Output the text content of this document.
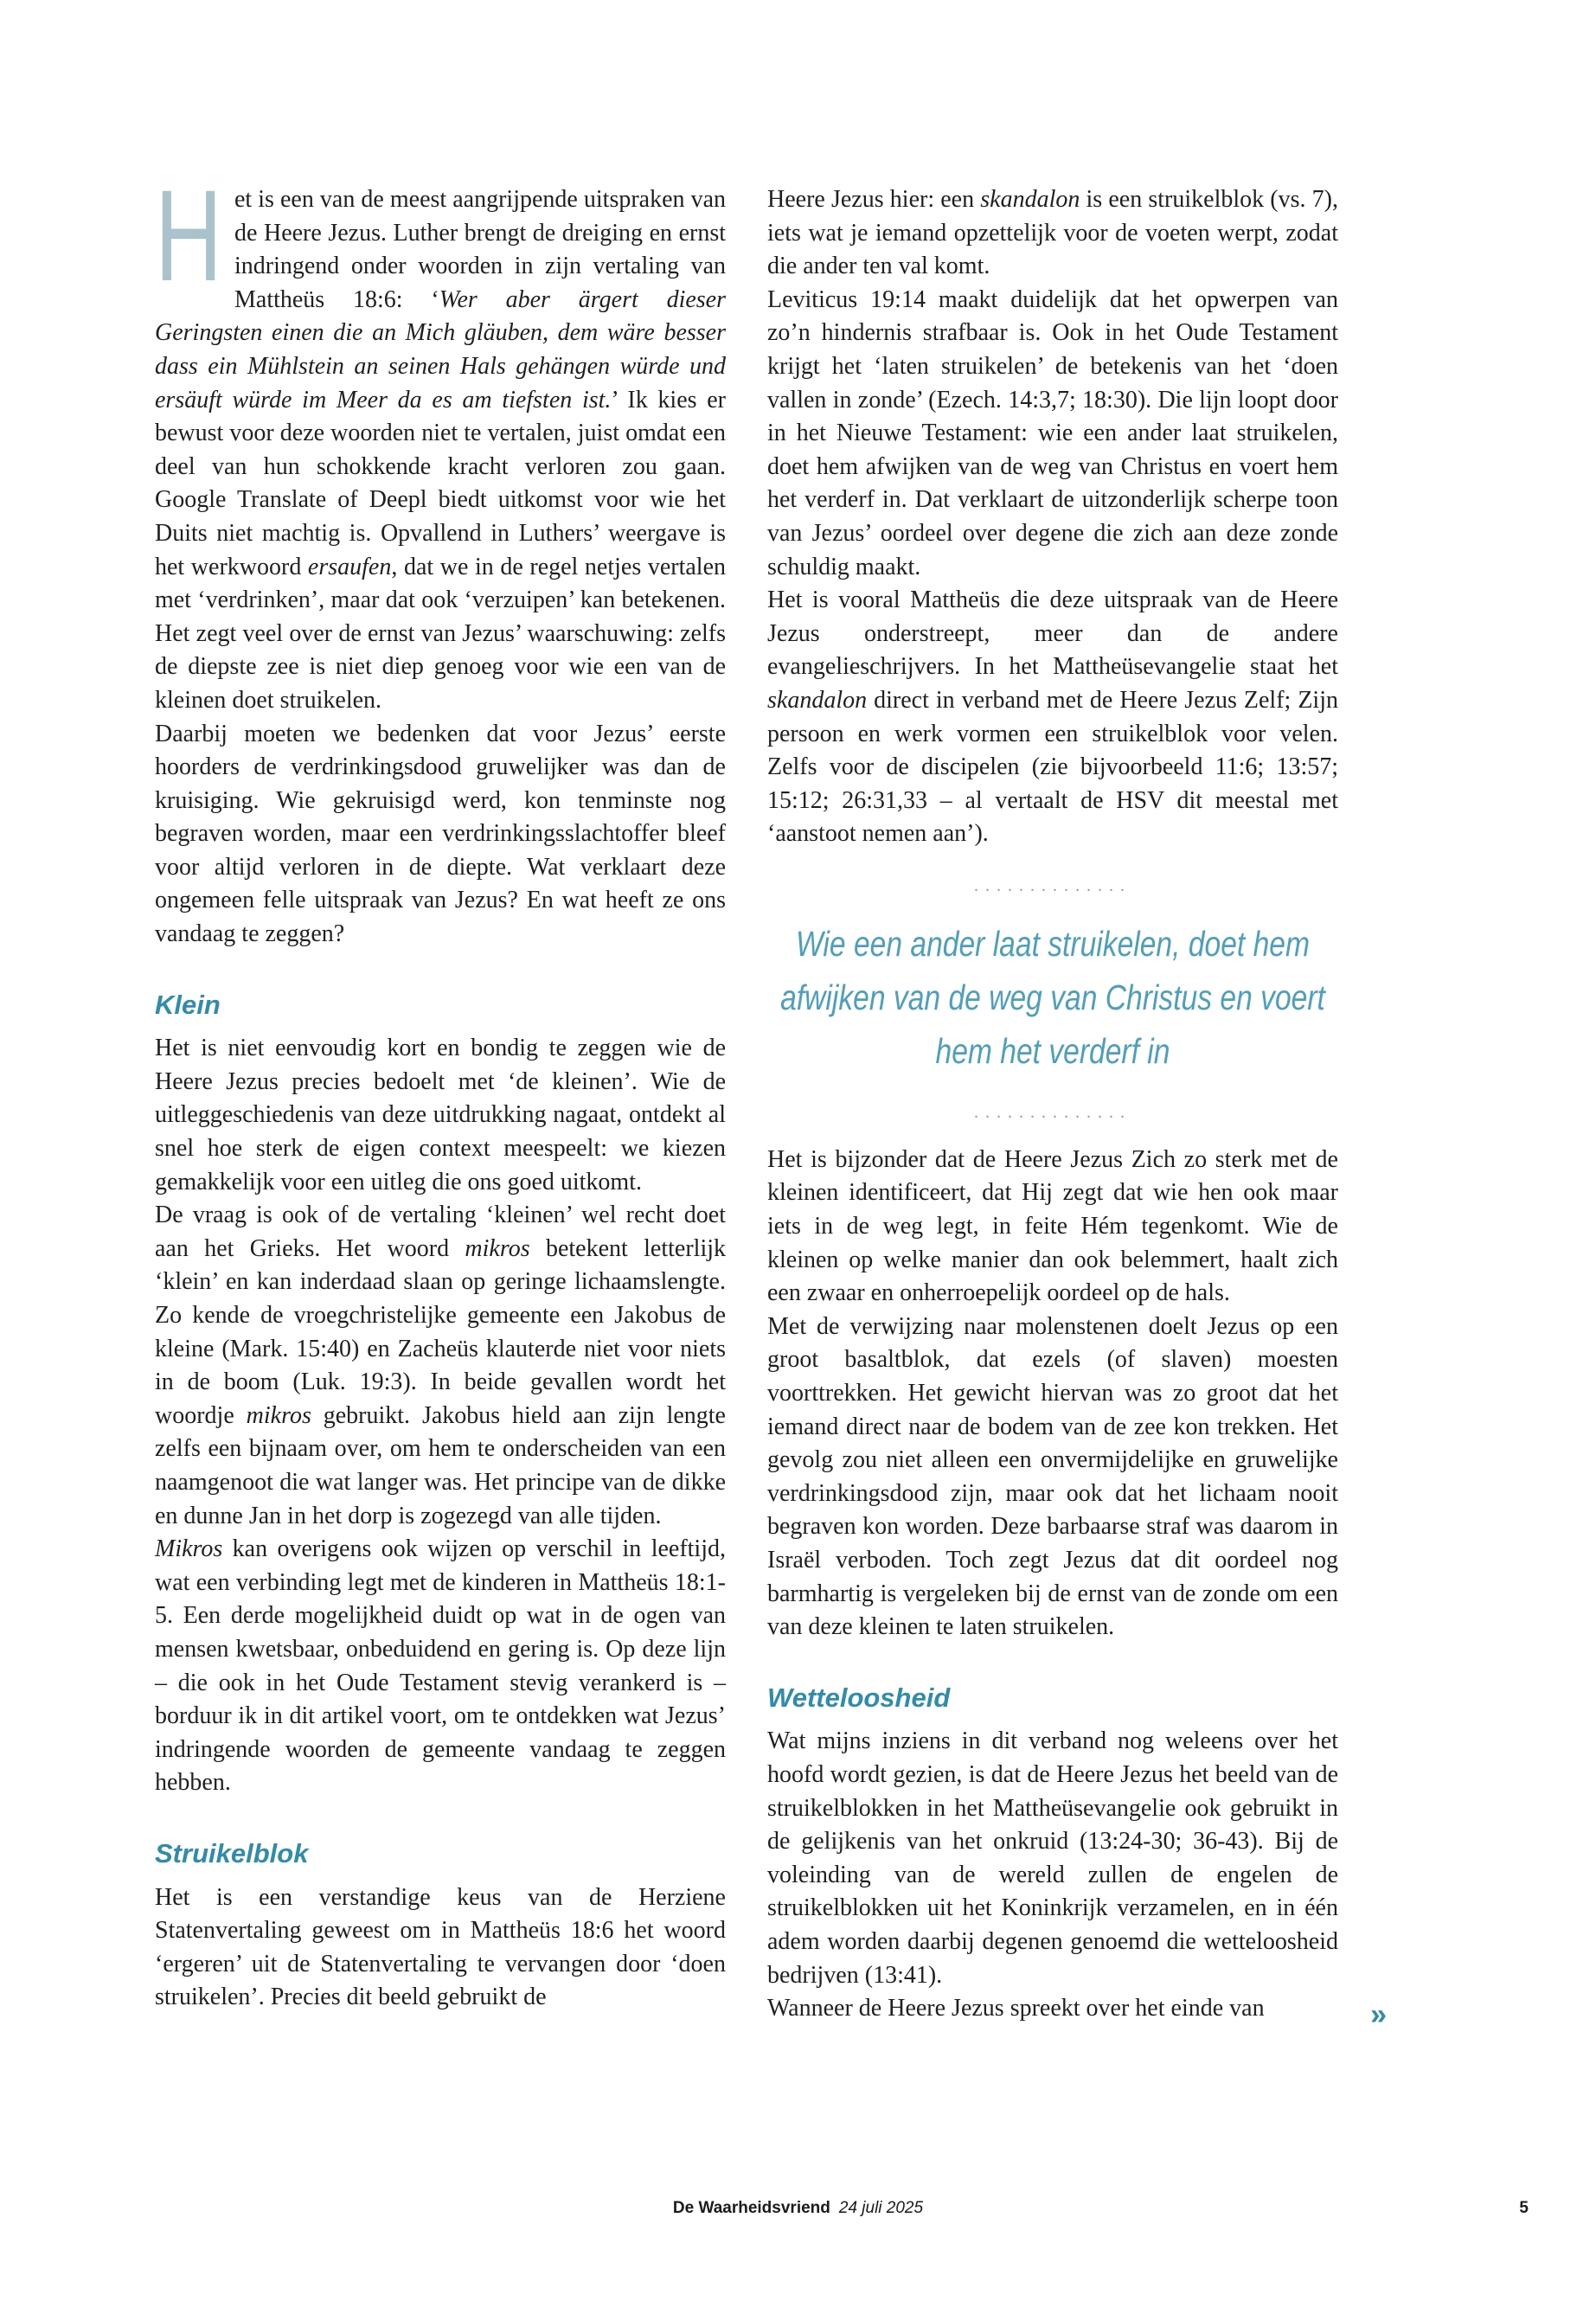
Het is een van de meest aangrijpende uitspraken van de Heere Jezus. Luther brengt de dreiging en ernst indringend onder woorden in zijn vertaling van Mattheüs 18:6: ‘Wer aber ärgert dieser Geringsten einen die an Mich gläuben, dem wäre besser dass ein Mühlstein an seinen Hals gehängen würde und ersäuft würde im Meer da es am tiefsten ist.’ Ik kies er bewust voor deze woorden niet te vertalen, juist omdat een deel van hun schokkende kracht verloren zou gaan. Google Translate of Deepl biedt uitkomst voor wie het Duits niet machtig is. Opvallend in Luthers’ weergave is het werkwoord ersaufen, dat we in de regel netjes vertalen met ‘verdrinken’, maar dat ook ‘verzuipen’ kan betekenen. Het zegt veel over de ernst van Jezus’ waarschuwing: zelfs de diepste zee is niet diep genoeg voor wie een van de kleinen doet struikelen.

Daarbij moeten we bedenken dat voor Jezus’ eerste hoorders de verdrinkingsdood gruwelijker was dan de kruisiging. Wie gekruisigd werd, kon tenminste nog begraven worden, maar een verdrinkingsslachtoffer bleef voor altijd verloren in de diepte. Wat verklaart deze ongemeen felle uitspraak van Jezus? En wat heeft ze ons vandaag te zeggen?

Klein

Het is niet eenvoudig kort en bondig te zeggen wie de Heere Jezus precies bedoelt met ‘de kleinen’. Wie de uitleggeschiedenis van deze uitdrukking nagaat, ontdekt al snel hoe sterk de eigen context meespeelt: we kiezen gemakkelijk voor een uitleg die ons goed uitkomt.

De vraag is ook of de vertaling ‘kleinen’ wel recht doet aan het Grieks. Het woord mikros betekent letterlijk ‘klein’ en kan inderdaad slaan op geringe lichaamslengte. Zo kende de vroegchristelijke gemeente een Jakobus de kleine (Mark. 15:40) en Zacheüs klauterde niet voor niets in de boom (Luk. 19:3). In beide gevallen wordt het woordje mikros gebruikt. Jakobus hield aan zijn lengte zelfs een bijnaam over, om hem te onderscheiden van een naamgenoot die wat langer was. Het principe van de dikke en dunne Jan in het dorp is zogezegd van alle tijden.

Mikros kan overigens ook wijzen op verschil in leeftijd, wat een verbinding legt met de kinderen in Mattheüs 18:1-5. Een derde mogelijkheid duidt op wat in de ogen van mensen kwetsbaar, onbeduidend en gering is. Op deze lijn – die ook in het Oude Testament stevig verankerd is – borduur ik in dit artikel voort, om te ontdekken wat Jezus’ indringende woorden de gemeente vandaag te zeggen hebben.

Struikelblok

Het is een verstandige keus van de Herziene Statenvertaling geweest om in Mattheüs 18:6 het woord ‘ergeren’ uit de Statenvertaling te vervangen door ‘doen struikelen’. Precies dit beeld gebruikt de

Heere Jezus hier: een skandalon is een struikelblok (vs. 7), iets wat je iemand opzettelijk voor de voeten werpt, zodat die ander ten val komt.

Leviticus 19:14 maakt duidelijk dat het opwerpen van zo’n hindernis strafbaar is. Ook in het Oude Testament krijgt het ‘laten struikelen’ de betekenis van het ‘doen vallen in zonde’ (Ezech. 14:3,7; 18:30). Die lijn loopt door in het Nieuwe Testament: wie een ander laat struikelen, doet hem afwijken van de weg van Christus en voert hem het verderf in. Dat verklaart de uitzonderlijk scherpe toon van Jezus’ oordeel over degene die zich aan deze zonde schuldig maakt.

Het is vooral Mattheüs die deze uitspraak van de Heere Jezus onderstreept, meer dan de andere evangelieschrijvers. In het Mattheüsevangelie staat het skandalon direct in verband met de Heere Jezus Zelf; Zijn persoon en werk vormen een struikelblok voor velen. Zelfs voor de discipelen (zie bijvoorbeeld 11:6; 13:57; 15:12; 26:31,33 – al vertaalt de HSV dit meestal met ‘aanstoot nemen aan’).

..............
Wie een ander laat struikelen, doet hem afwijken van de weg van Christus en voert hem het verderf in
..............

Het is bijzonder dat de Heere Jezus Zich zo sterk met de kleinen identificeert, dat Hij zegt dat wie hen ook maar iets in de weg legt, in feite Hém tegenkomt. Wie de kleinen op welke manier dan ook belemmert, haalt zich een zwaar en onherroepelijk oordeel op de hals.

Met de verwijzing naar molenstenen doelt Jezus op een groot basaltblok, dat ezels (of slaven) moesten voorttrekken. Het gewicht hiervan was zo groot dat het iemand direct naar de bodem van de zee kon trekken. Het gevolg zou niet alleen een onvermijdelijke en gruwelijke verdrinkingsdood zijn, maar ook dat het lichaam nooit begraven kon worden. Deze barbaarse straf was daarom in Israël verboden. Toch zegt Jezus dat dit oordeel nog barmhartig is vergeleken bij de ernst van de zonde om een van deze kleinen te laten struikelen.

Wetteloosheid

Wat mijns inziens in dit verband nog weleens over het hoofd wordt gezien, is dat de Heere Jezus het beeld van de struikelblokken in het Mattheüsevangelie ook gebruikt in de gelijkenis van het onkruid (13:24-30; 36-43). Bij de voleinding van de wereld zullen de engelen de struikelblokken uit het Koninkrijk verzamelen, en in één adem worden daarbij degenen genoemd die wetteloosheid bedrijven (13:41).

Wanneer de Heere Jezus spreekt over het einde van	»

De Waarheidsvriend 24 juli 2025	5
